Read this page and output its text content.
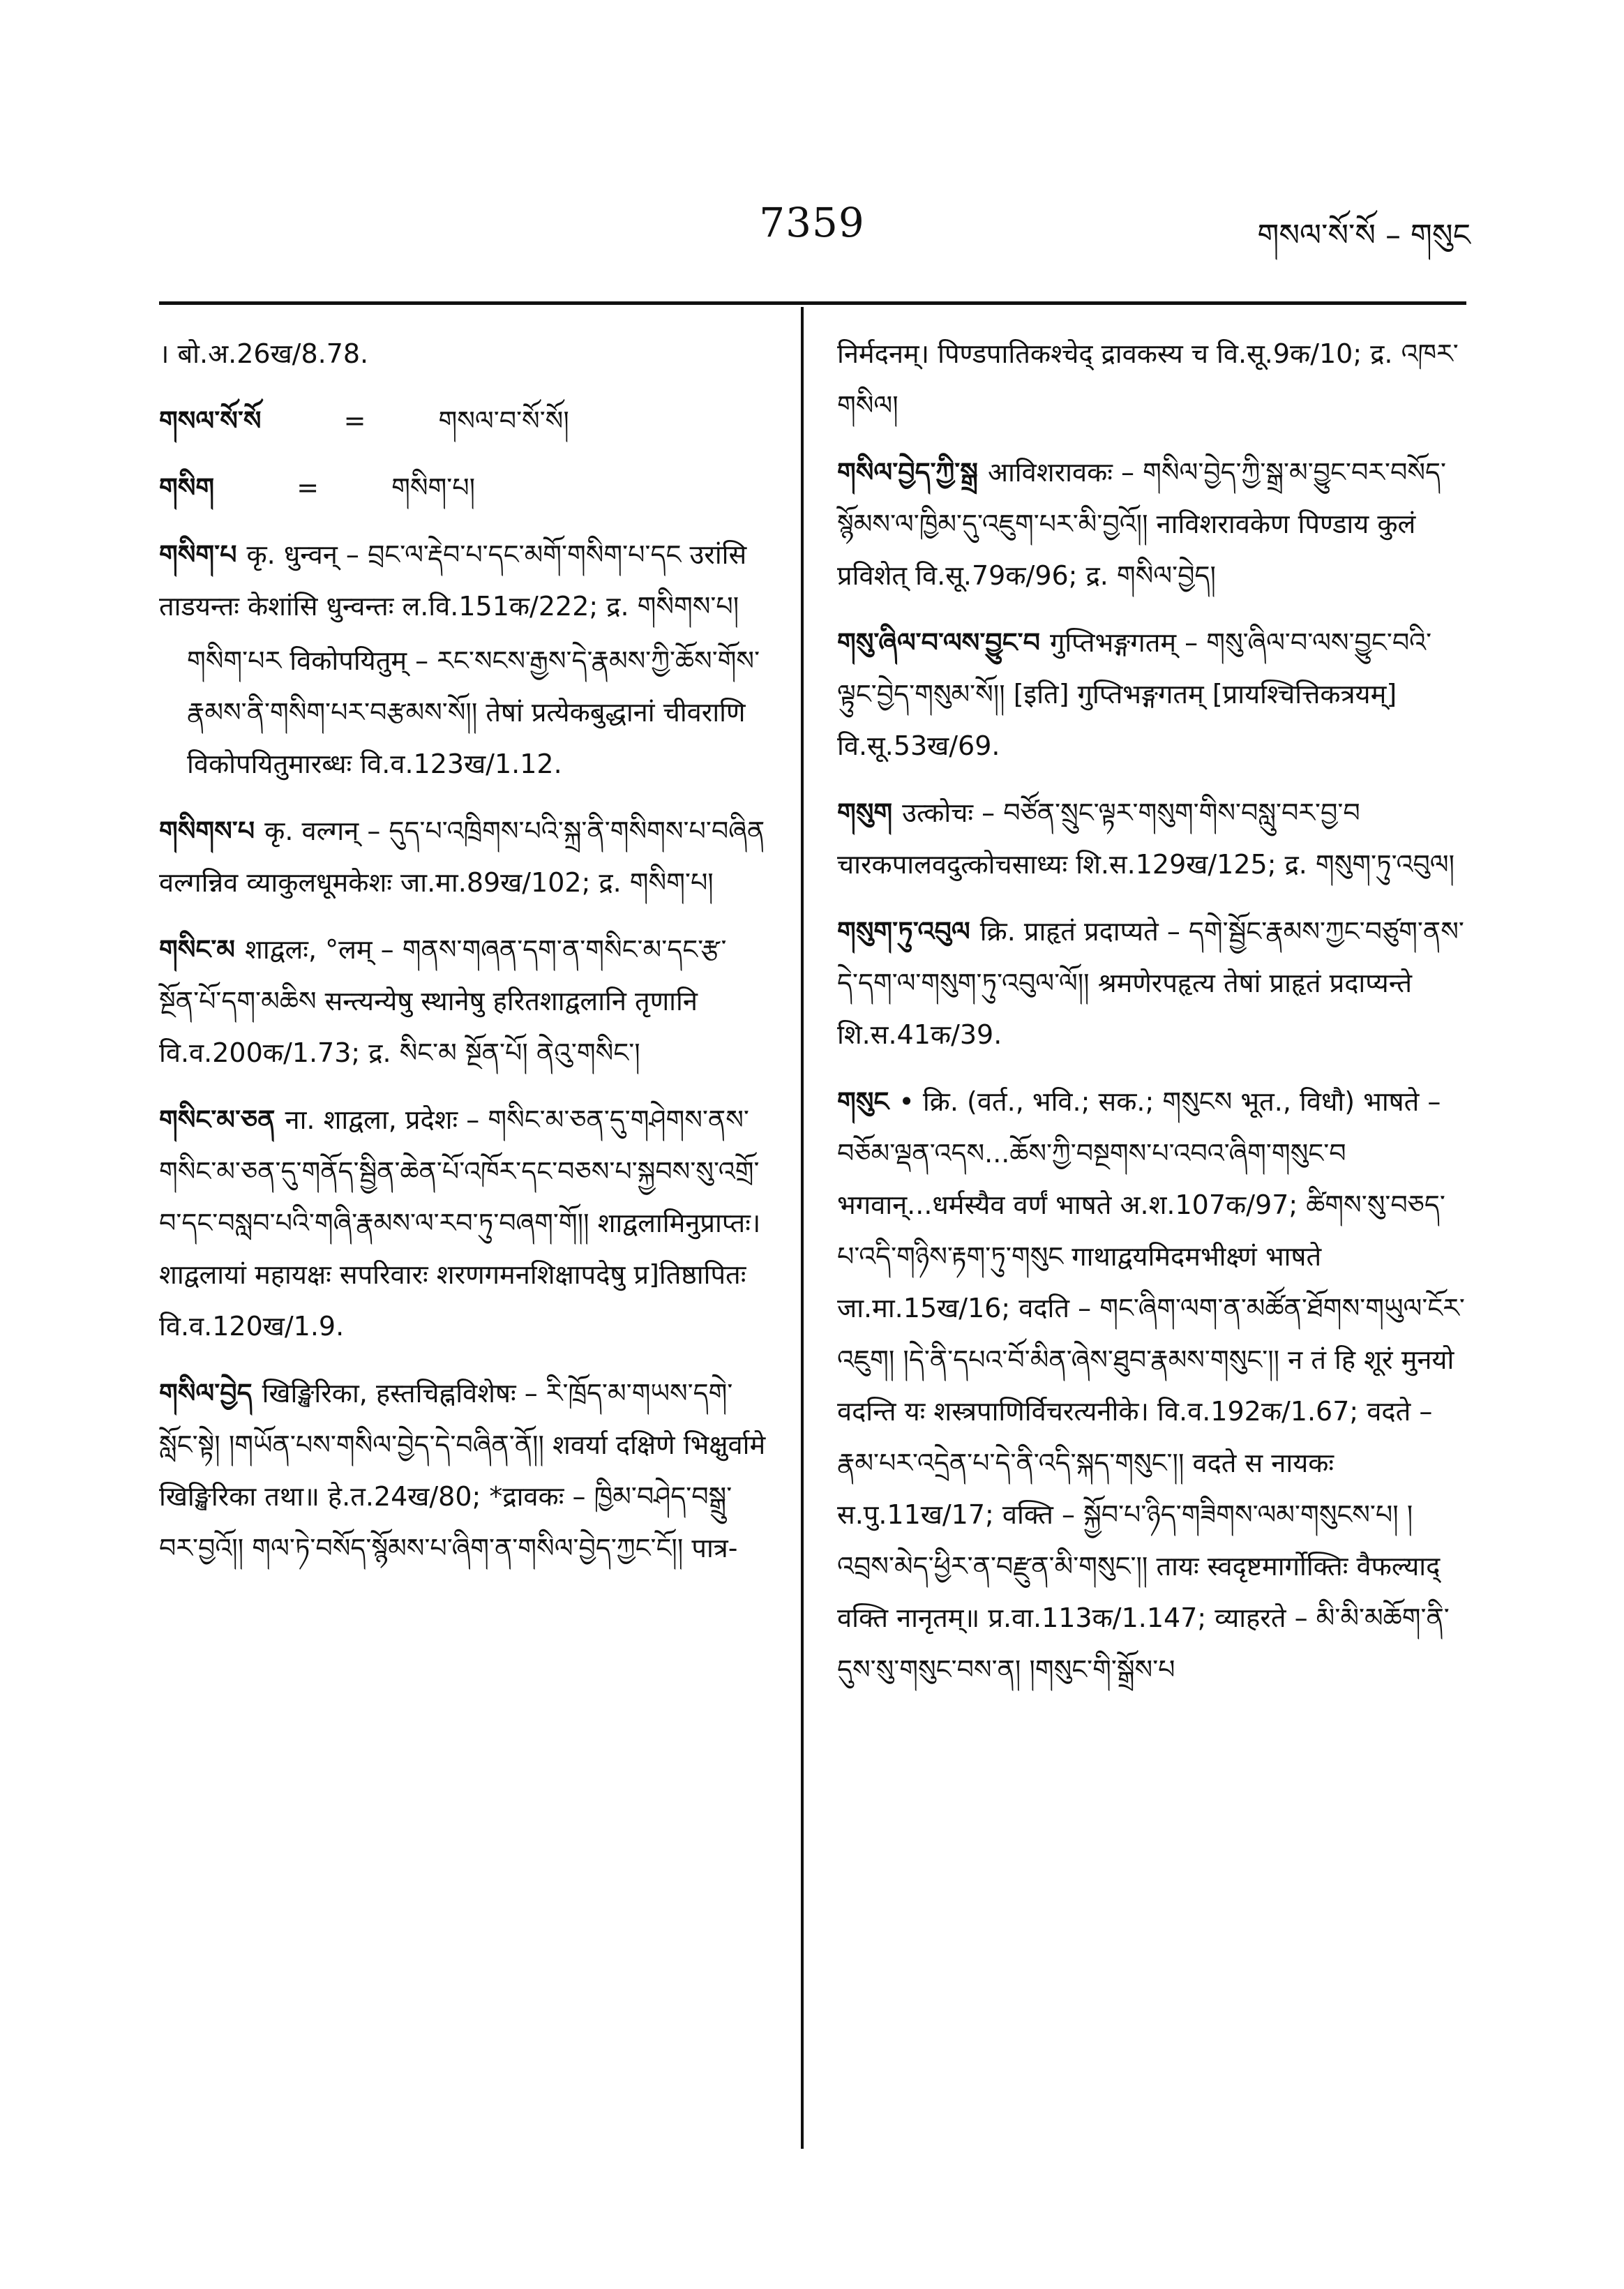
7359	གསལ་སོ་སོ – གསུང

। बो.अ.26ख/8.78.

གསལ་སོ་སོ	=	གསལ་བ་སོ་སོ།

གསིག	=	གསིག་པ།

གསིག་པ कृ. धुन्वन् – བྲང་ལ་རྡེབ་པ་དང་མགོ་གསིག་པ་དང उरांसि ताडयन्तः केशांसि धुन्वन्तः ल.वि.151क/222; द्र. གསིགས་པ།

གསིག་པར विकोपयितुम् – རང་སངས་རྒྱས་དེ་རྣམས་ཀྱི་ཆོས་གོས་རྣམས་ནི་གསིག་པར་བརྩམས་སོ།། तेषां प्रत्येकबुद्धानां चीवराणि विकोपयितुमारब्धः वि.व.123ख/1.12.

གསིགས་པ कृ. वल्गन् – དུད་པ་འཁྲིགས་པའི་སྐྲ་ནི་གསིགས་པ་བཞིན वल्गन्निव व्याकुलधूमकेशः जा.मा.89ख/102; द्र. གསིག་པ།

གསིང་མ शाद्वलः, °लम् – གནས་གཞན་དག་ན་གསིང་མ་དང་རྩ་སྔོན་པོ་དག་མཆིས सन्त्यन्येषु स्थानेषु हरितशाद्वलानि तृणानि वि.व.200क/1.73; द्र. སིང་མ སྔོན་པོ། ནེའུ་གསིང་།

གསིང་མ་ཅན ना. शाद्वला, प्रदेशः – གསིང་མ་ཅན་དུ་གཤེགས་ནས་གསིང་མ་ཅན་དུ་གནོད་སྦྱིན་ཆེན་པོ་འཁོར་དང་བཅས་པ་སྐྱབས་སུ་འགྲོ་བ་དང་བསླབ་པའི་གཞི་རྣམས་ལ་རབ་ཏུ་བཞག་གོ།། शाद्वलामिनुप्राप्तः। शाद्वलायां महायक्षः सपरिवारः शरणगमनशिक्षापदेषु प्र]तिष्ठापितः वि.व.120ख/1.9.

གསིལ་བྱེད खिङ्खिरिका, हस्तचिह्नविशेषः – རི་ཁྲོད་མ་གཡས་དགེ་སློང་སྟེ། །གཡོན་པས་གསིལ་བྱེད་དེ་བཞིན་ནོ།། शवर्या दक्षिणे भिक्षुर्वामे खिङ्खिरिका तथा॥ हे.त.24ख/80; *द्रावकः – ཁྱིམ་བཤེད་བསྒྲུ་བར་བྱའོ།། གལ་ཏེ་བསོད་སྙོམས་པ་ཞིག་ན་གསིལ་བྱེད་ཀྱང་ངོ།། पात्र-

निर्मदनम्। पिण्डपातिकश्चेद् द्रावकस्य च वि.सू.9क/10; द्र. འཁར་གསིལ།

གསིལ་བྱེད་ཀྱི་སྒྲ आविशरावकः – གསིལ་བྱེད་ཀྱི་སྒྲ་མ་བྱུང་བར་བསོད་སྙོམས་ལ་ཁྱིམ་དུ་འཇུག་པར་མི་བྱའོ།། नाविशरावकेण पिण्डाय कुलं प्रविशेत् वि.सू.79क/96; द्र. གསིལ་བྱེད།

གསུ་ཞིལ་བ་ལས་བྱུང་བ गुप्तिभङ्गगतम् – གསུ་ཞིལ་བ་ལས་བྱུང་བའི་ལྟུང་བྱེད་གསུམ་སོ།། [इति] गुप्तिभङ्गगतम् [प्रायश्चित्तिकत्रयम्] वि.सू.53ख/69.

གསུག उत्कोचः – བཙོན་སྲུང་ལྟར་གསུག་གིས་བསླུ་བར་བྱ་བ चारकपालवदुत्कोचसाध्यः शि.स.129ख/125; द्र. གསུག་ཏུ་འབུལ།

གསུག་ཏུ་འབུལ क्रि. प्राहृतं प्रदाप्यते – དགེ་སྦྱོང་རྣམས་ཀྱང་བཙུག་ནས་དེ་དག་ལ་གསུག་ཏུ་འབུལ་ལོ།། श्रमणेरपहृत्य तेषां प्राहृतं प्रदाप्यन्ते शि.स.41क/39.

གསུང • क्रि. (वर्त., भवि.; सक.; གསུངས भूत., विधौ) भाषते – བཅོམ་ལྡན་འདས...ཆོས་ཀྱི་བསྔགས་པ་འབའ་ཞིག་གསུང་བ भगवान्...धर्मस्यैव वर्णं भाषते अ.श.107क/97; ཚིགས་སུ་བཅད་པ་འདི་གཉིས་རྟག་ཏུ་གསུང गाथाद्वयमिदमभीक्ष्णं भाषते जा.मा.15ख/16; वदति – གང་ཞིག་ལག་ན་མཚོན་ཐོགས་གཡུལ་ངོར་འཇུག། །དེ་ནི་དཔའ་བོ་མིན་ཞེས་ཐུབ་རྣམས་གསུང་།། न तं हि शूरं मुनयो वदन्ति यः शस्त्रपाणिर्विचरत्यनीके। वि.व.192क/1.67; वदते – རྣམ་པར་འདྲེན་པ་དེ་ནི་འདི་སྐད་གསུང་།། वदते स नायकः स.पु.11ख/17; वक्ति – སྐྱོབ་པ་ཉིད་གཟིགས་ལམ་གསུངས་པ། །འབྲས་མེད་ཕྱིར་ན་བརྫུན་མི་གསུང་།། तायः स्वदृष्टमार्गोक्तिः वैफल्याद् वक्ति नानृतम्॥ प्र.वा.113क/1.147; व्याहरते – མི་མི་མཆོག་ནི་དུས་སུ་གསུང་བས་ན། །གསུང་གི་སྒྲོས་པ
